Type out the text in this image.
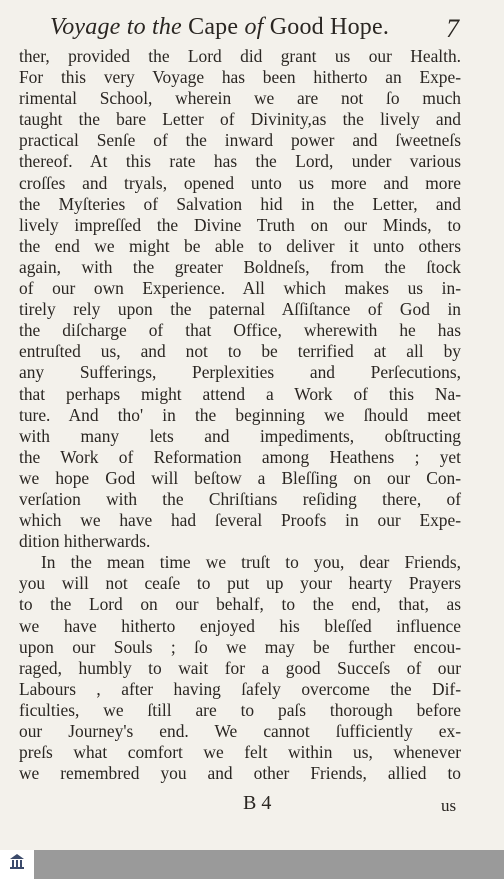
Voyage to the Cape of Good Hope. 7
ther, provided the Lord did grant us our Health.
For this very Voyage has been hitherto an Expe-
rimental School, wherein we are not ſo much
taught the bare Letter of Divinity,as the lively and
practical Senſe of the inward power and ſweetneſs
thereof. At this rate has the Lord, under various
croſſes and tryals, opened unto us more and more
the Myſteries of Salvation hid in the Letter, and
lively impreſſed the Divine Truth on our Minds, to
the end we might be able to deliver it unto others
again, with the greater Boldneſs, from the ſtock
of our own Experience. All which makes us in-
tirely rely upon the paternal Aſſiſtance of God in
the diſcharge of that Office, wherewith he has
entruſted us, and not to be terrified at all by
any Sufferings, Perplexities and Perſecutions,
that perhaps might attend a Work of this Na-
ture. And tho' in the beginning we ſhould meet
with many lets and impediments, obſtructing
the Work of Reformation among Heathens ; yet
we hope God will beſtow a Bleſſing on our Con-
verſation with the Chriſtians reſiding there, of
which we have had ſeveral Proofs in our Expe-
dition hitherwards.
In the mean time we truſt to you, dear Friends,
you will not ceaſe to put up your hearty Prayers
to the Lord on our behalf, to the end, that, as
we have hitherto enjoyed his bleſſed influence
upon our Souls ; ſo we may be further encou-
raged, humbly to wait for a good Succeſs of our
Labours , after having ſafely overcome the Dif-
ficulties, we ſtill are to paſs thorough before
our Journey's end. We cannot ſufficiently ex-
preſs what comfort we felt within us, whenever
we remembred you and other Friends, allied to
B 4	us
